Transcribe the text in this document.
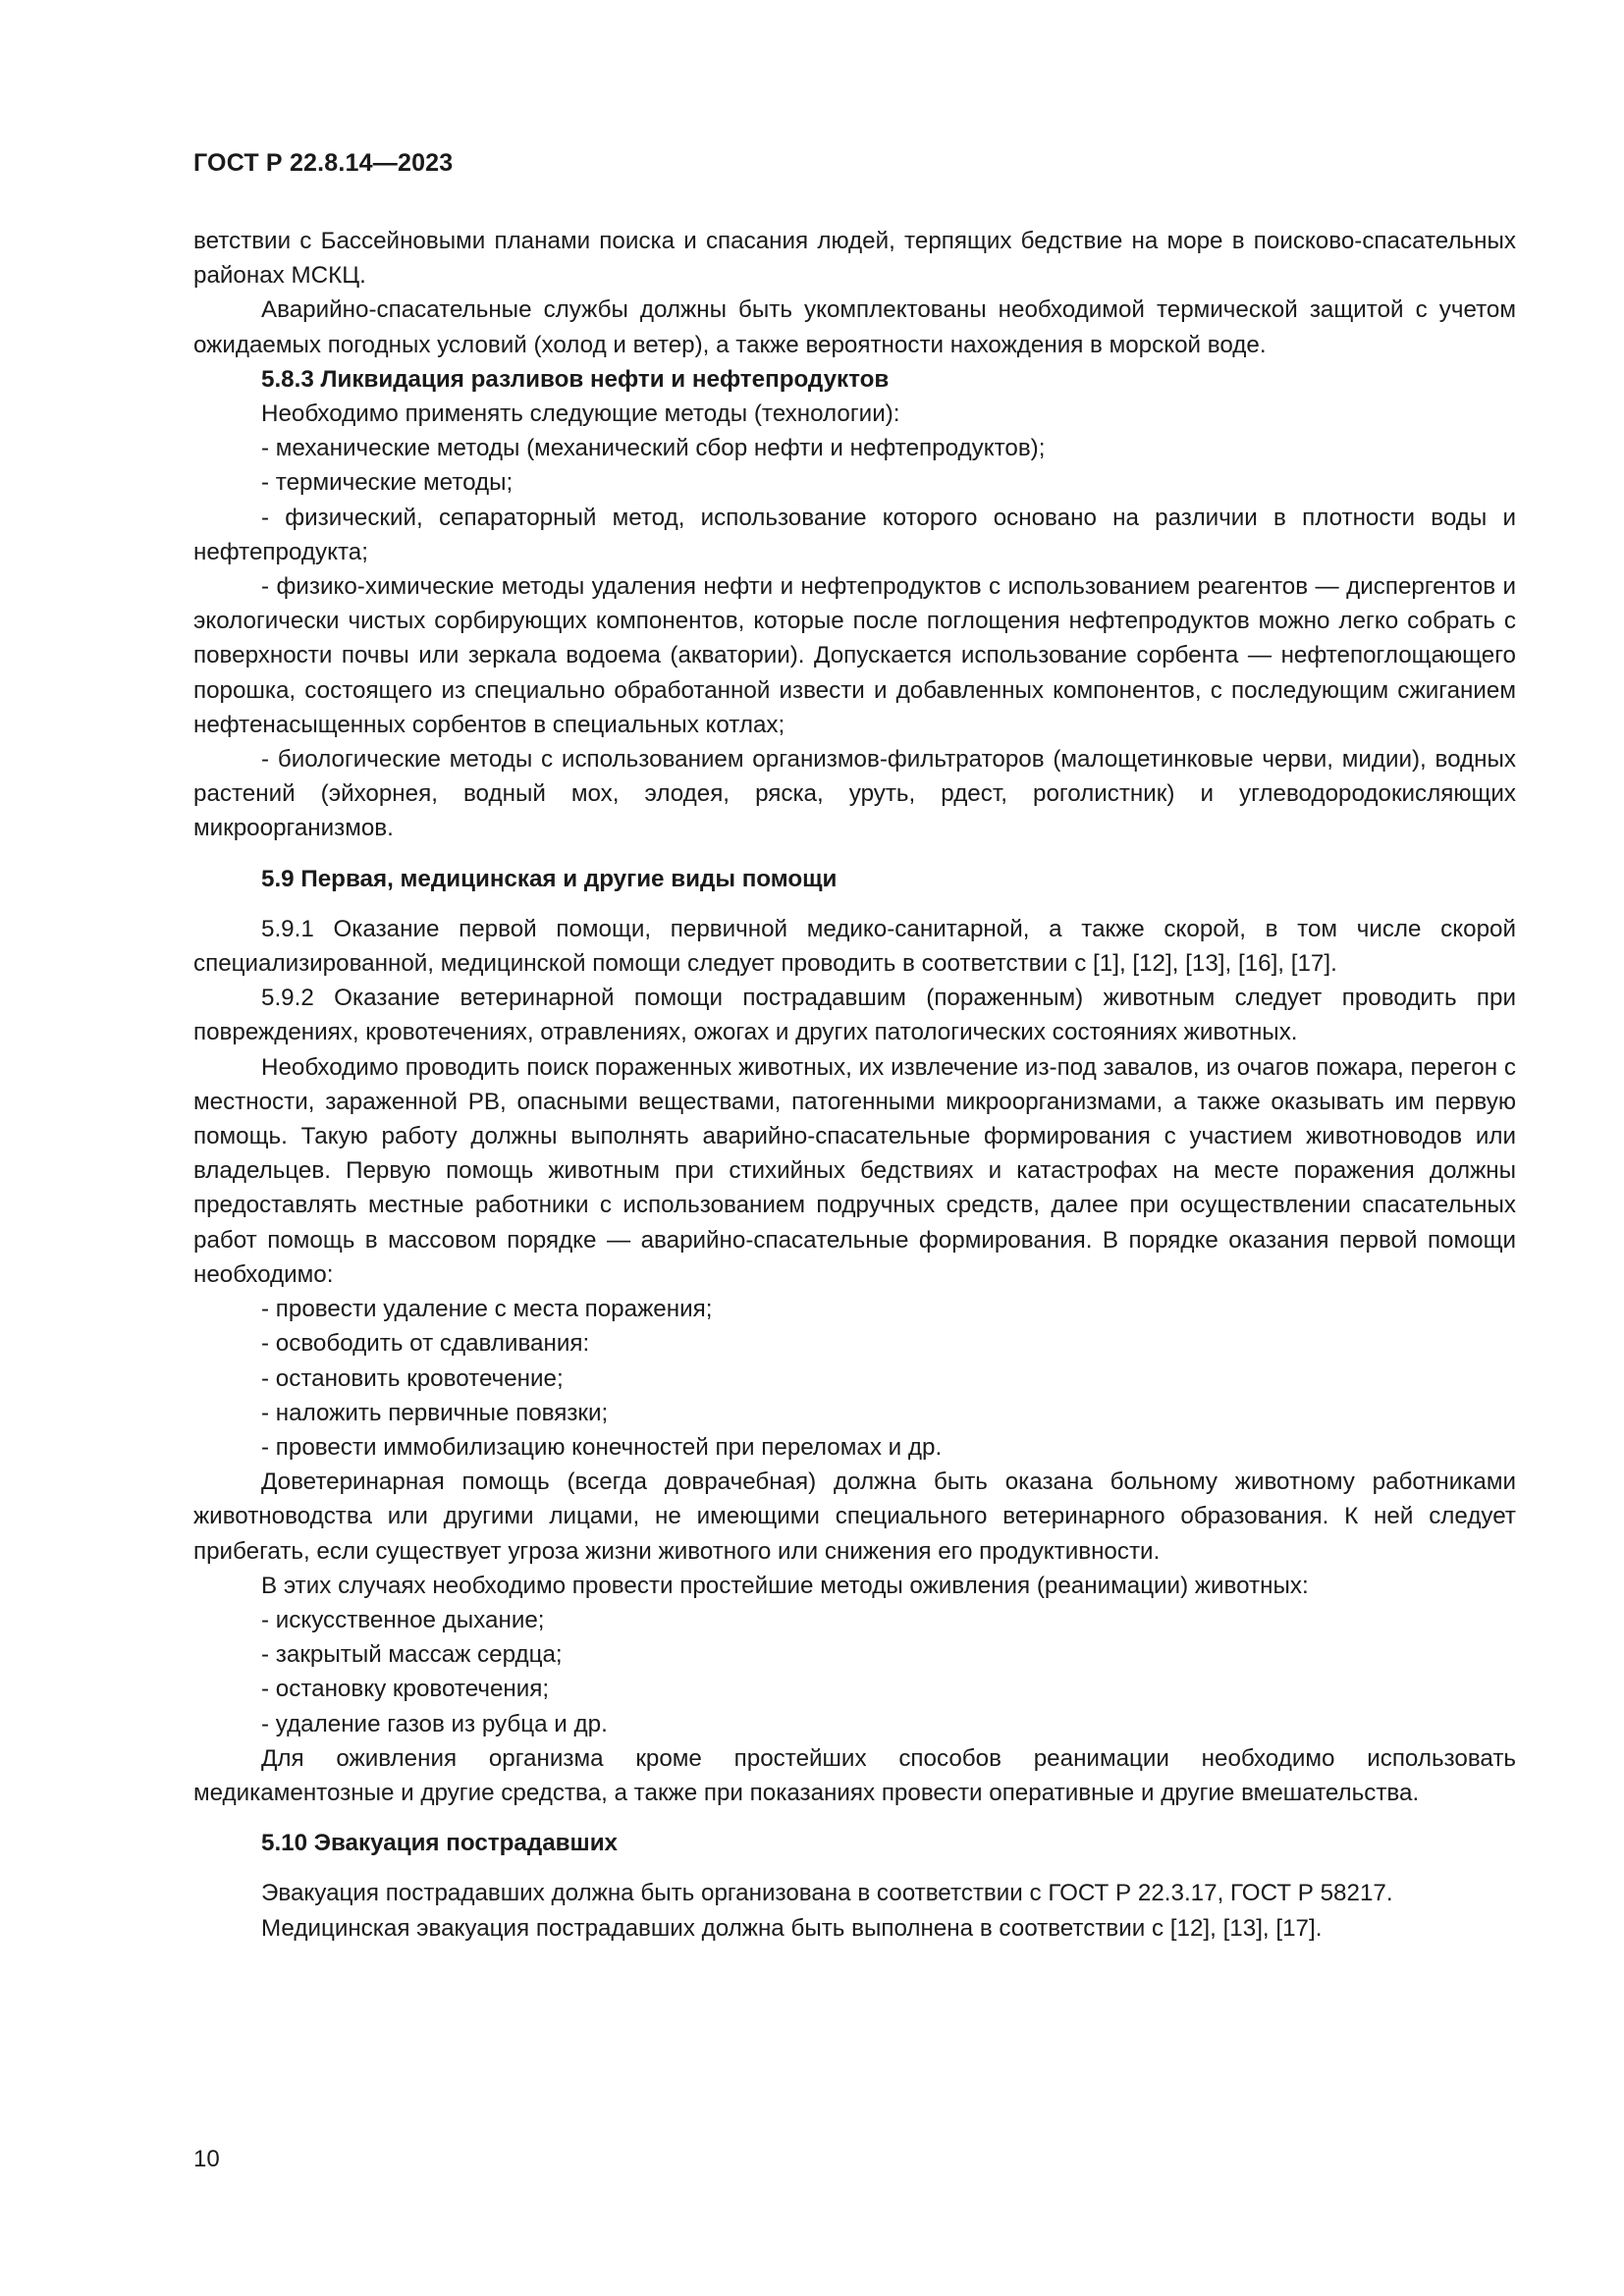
ГОСТ Р 22.8.14—2023

ветствии с Бассейновыми планами поиска и спасания людей, терпящих бедствие на море в поисково-спасательных районах МСКЦ.

Аварийно-спасательные службы должны быть укомплектованы необходимой термической защитой с учетом ожидаемых погодных условий (холод и ветер), а также вероятности нахождения в морской воде.

5.8.3 Ликвидация разливов нефти и нефтепродуктов

Необходимо применять следующие методы (технологии):

- механические методы (механический сбор нефти и нефтепродуктов);

- термические методы;

- физический, сепараторный метод, использование которого основано на различии в плотности воды и нефтепродукта;

- физико-химические методы удаления нефти и нефтепродуктов с использованием реагентов — диспергентов и экологически чистых сорбирующих компонентов, которые после поглощения нефтепродуктов можно легко собрать с поверхности почвы или зеркала водоема (акватории). Допускается использование сорбента — нефтепоглощающего порошка, состоящего из специально обработанной извести и добавленных компонентов, с последующим сжиганием нефтенасыщенных сорбентов в специальных котлах;

- биологические методы с использованием организмов-фильтраторов (малощетинковые черви, мидии), водных растений (эйхорнея, водный мох, элодея, ряска, уруть, рдест, роголистник) и углеводородокисляющих микроорганизмов.

5.9 Первая, медицинская и другие виды помощи

5.9.1 Оказание первой помощи, первичной медико-санитарной, а также скорой, в том числе скорой специализированной, медицинской помощи следует проводить в соответствии с [1], [12], [13], [16], [17].

5.9.2 Оказание ветеринарной помощи пострадавшим (пораженным) животным следует проводить при повреждениях, кровотечениях, отравлениях, ожогах и других патологических состояниях животных.

Необходимо проводить поиск пораженных животных, их извлечение из-под завалов, из очагов пожара, перегон с местности, зараженной РВ, опасными веществами, патогенными микроорганизмами, а также оказывать им первую помощь. Такую работу должны выполнять аварийно-спасательные формирования с участием животноводов или владельцев. Первую помощь животным при стихийных бедствиях и катастрофах на месте поражения должны предоставлять местные работники с использованием подручных средств, далее при осуществлении спасательных работ помощь в массовом порядке — аварийно-спасательные формирования. В порядке оказания первой помощи необходимо:

- провести удаление с места поражения;

- освободить от сдавливания:

- остановить кровотечение;

- наложить первичные повязки;

- провести иммобилизацию конечностей при переломах и др.

Доветеринарная помощь (всегда доврачебная) должна быть оказана больному животному работниками животноводства или другими лицами, не имеющими специального ветеринарного образования. К ней следует прибегать, если существует угроза жизни животного или снижения его продуктивности.

В этих случаях необходимо провести простейшие методы оживления (реанимации) животных:

- искусственное дыхание;

- закрытый массаж сердца;

- остановку кровотечения;

- удаление газов из рубца и др.

Для оживления организма кроме простейших способов реанимации необходимо использовать медикаментозные и другие средства, а также при показаниях провести оперативные и другие вмешательства.

5.10 Эвакуация пострадавших

Эвакуация пострадавших должна быть организована в соответствии с ГОСТ Р 22.3.17, ГОСТ Р 58217.

Медицинская эвакуация пострадавших должна быть выполнена в соответствии с [12], [13], [17].

10
